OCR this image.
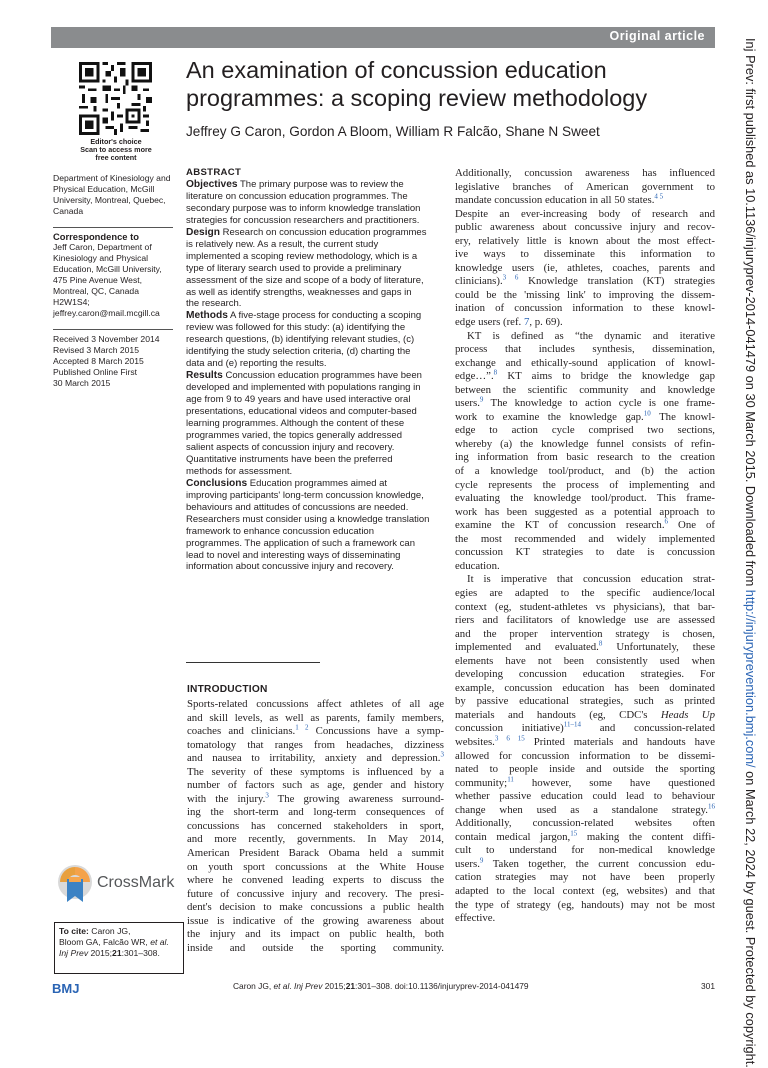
Original article
Editor's choice
Scan to access more
free content
An examination of concussion education
programmes: a scoping review methodology
Jeffrey G Caron, Gordon A Bloom, William R Falcão, Shane N Sweet
Department of Kinesiology and
Physical Education, McGill
University, Montreal, Quebec,
Canada
Correspondence to
Jeff Caron, Department of
Kinesiology and Physical
Education, McGill University,
475 Pine Avenue West,
Montreal, QC, Canada
H2W1S4;
jeffrey.caron@mail.mcgill.ca
Received 3 November 2014
Revised 3 March 2015
Accepted 8 March 2015
Published Online First
30 March 2015
ABSTRACT
Objectives The primary purpose was to review the
literature on concussion education programmes. The
secondary purpose was to inform knowledge translation
strategies for concussion researchers and practitioners.
Design Research on concussion education programmes
is relatively new. As a result, the current study
implemented a scoping review methodology, which is a
type of literary search used to provide a preliminary
assessment of the size and scope of a body of literature,
as well as identify strengths, weaknesses and gaps in
the research.
Methods A five-stage process for conducting a scoping
review was followed for this study: (a) identifying the
research questions, (b) identifying relevant studies, (c)
identifying the study selection criteria, (d) charting the
data and (e) reporting the results.
Results Concussion education programmes have been
developed and implemented with populations ranging in
age from 9 to 49 years and have used interactive oral
presentations, educational videos and computer-based
learning programmes. Although the content of these
programmes varied, the topics generally addressed
salient aspects of concussion injury and recovery.
Quantitative instruments have been the preferred
methods for assessment.
Conclusions Education programmes aimed at
improving participants' long-term concussion knowledge,
behaviours and attitudes of concussions are needed.
Researchers must consider using a knowledge translation
framework to enhance concussion education
programmes. The application of such a framework can
lead to novel and interesting ways of disseminating
information about concussive injury and recovery.
INTRODUCTION
Sports-related concussions affect athletes of all age
and skill levels, as well as parents, family members,
coaches and clinicians.$^{1 2}$ Concussions have a symp-
tomatology that ranges from headaches, dizziness
and nausea to irritability, anxiety and depression.$^3$
The severity of these symptoms is influenced by a
number of factors such as age, gender and history
with the injury.$^3$ The growing awareness surround-
ing the short-term and long-term consequences of
concussions has concerned stakeholders in sport,
and more recently, governments. In May 2014,
American President Barack Obama held a summit
on youth sport concussions at the White House
where he convened leading experts to discuss the
future of concussive injury and recovery. The presi-
dent's decision to make concussions a public health
issue is indicative of the growing awareness about
the injury and its impact on public health, both
inside and outside the sporting community.
Additionally, concussion awareness has influenced
legislative branches of American government to
mandate concussion education in all 50 states.$^{4 5}$
Despite an ever-increasing body of research and
public awareness about concussive injury and recov-
ery, relatively little is known about the most effect-
ive ways to disseminate this information to
knowledge users (ie, athletes, coaches, parents and
clinicians).$^{3 6}$ Knowledge translation (KT) strategies
could be the 'missing link' to improving the dissem-
ination of concussion information to these knowl-
edge users (ref. 7, p. 69).
KT is defined as “the dynamic and iterative
process that includes synthesis, dissemination,
exchange and ethically-sound application of knowl-
edge…”.$^8$ KT aims to bridge the knowledge gap
between the scientific community and knowledge
users.$^9$ The knowledge to action cycle is one frame-
work to examine the knowledge gap.$^{10}$ The knowl-
edge to action cycle comprised two sections,
whereby (a) the knowledge funnel consists of refin-
ing information from basic research to the creation
of a knowledge tool/product, and (b) the action
cycle represents the process of implementing and
evaluating the knowledge tool/product. This frame-
work has been suggested as a potential approach to
examine the KT of concussion research.$^6$ One of
the most recommended and widely implemented
concussion KT strategies to date is concussion
education.
It is imperative that concussion education strat-
egies are adapted to the specific audience/local
context (eg, student-athletes vs physicians), that bar-
riers and facilitators of knowledge use are assessed
and the proper intervention strategy is chosen,
implemented and evaluated.$^8$ Unfortunately, these
elements have not been consistently used when
developing concussion education strategies. For
example, concussion education has been dominated
by passive educational strategies, such as printed
materials and handouts (eg, CDC's Heads Up
concussion initiative)$^{11-14}$ and concussion-related
websites.$^{3 6 15}$ Printed materials and handouts have
allowed for concussion information to be dissemi-
nated to people inside and outside the sporting
community;$^{11}$ however, some have questioned
whether passive education could lead to behaviour
change when used as a standalone strategy.$^{16}$
Additionally, concussion-related websites often
contain medical jargon,$^{15}$ making the content diffi-
cult to understand for non-medical knowledge
users.$^9$ Taken together, the current concussion edu-
cation strategies may not have been properly
adapted to the local context (eg, websites) and that
the type of strategy (eg, handouts) may not be most
effective.
CrossMark
To cite: Caron JG,
Bloom GA, Falcão WR, et al.
Inj Prev 2015;21:301–308.
BMJ	Caron JG, et al. Inj Prev 2015;21:301–308. doi:10.1136/injuryprev-2014-041479	301
Inj Prev: first published as 10.1136/injuryprev-2014-041479 on 30 March 2015. Downloaded from http://injuryprevention.bmj.com/ on March 22, 2024 by guest. Protected by copyright.
